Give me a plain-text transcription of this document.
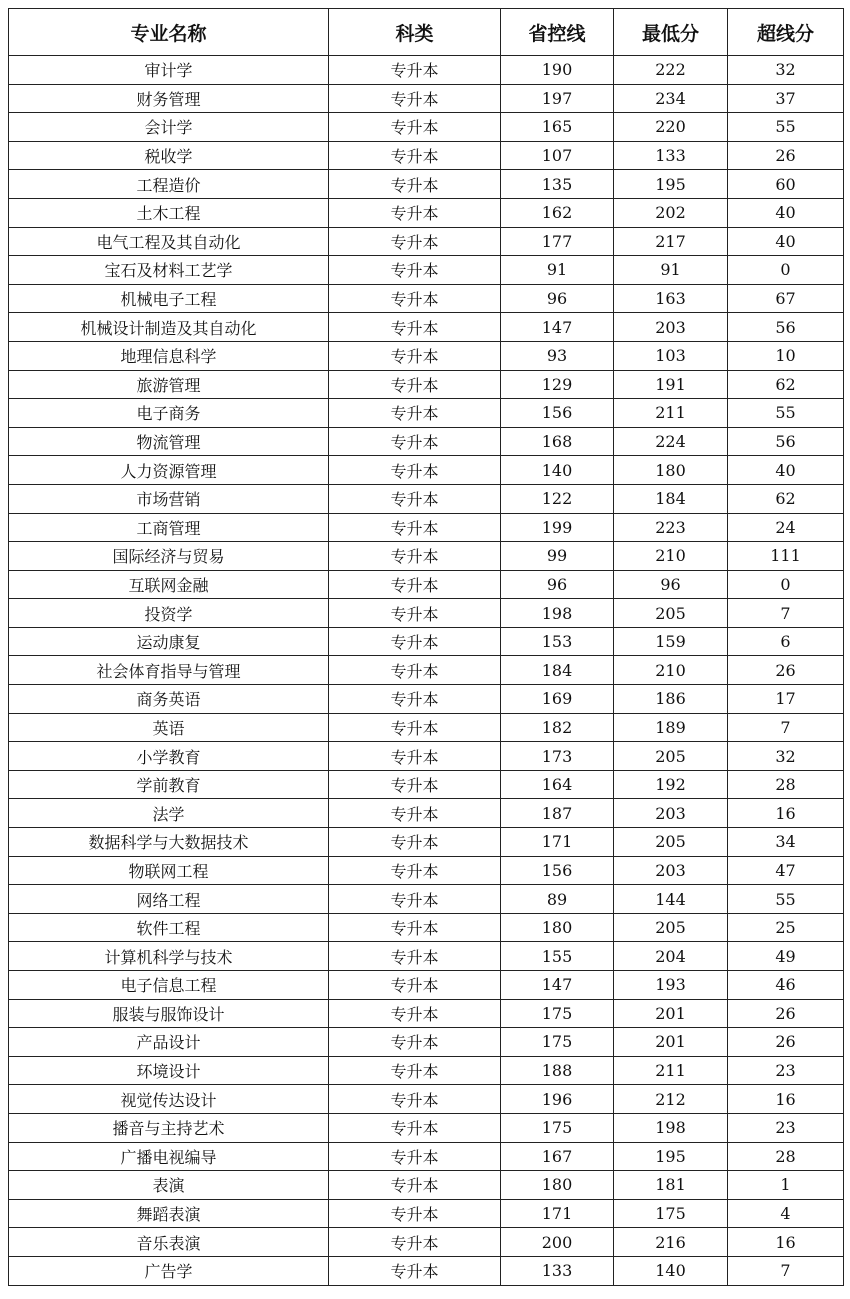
专业名称	科类	省控线	最低分	超线分
审计学	专升本	190	222	32
财务管理	专升本	197	234	37
会计学	专升本	165	220	55
税收学	专升本	107	133	26
工程造价	专升本	135	195	60
土木工程	专升本	162	202	40
电气工程及其自动化	专升本	177	217	40
宝石及材料工艺学	专升本	91	91	0
机械电子工程	专升本	96	163	67
机械设计制造及其自动化	专升本	147	203	56
地理信息科学	专升本	93	103	10
旅游管理	专升本	129	191	62
电子商务	专升本	156	211	55
物流管理	专升本	168	224	56
人力资源管理	专升本	140	180	40
市场营销	专升本	122	184	62
工商管理	专升本	199	223	24
国际经济与贸易	专升本	99	210	111
互联网金融	专升本	96	96	0
投资学	专升本	198	205	7
运动康复	专升本	153	159	6
社会体育指导与管理	专升本	184	210	26
商务英语	专升本	169	186	17
英语	专升本	182	189	7
小学教育	专升本	173	205	32
学前教育	专升本	164	192	28
法学	专升本	187	203	16
数据科学与大数据技术	专升本	171	205	34
物联网工程	专升本	156	203	47
网络工程	专升本	89	144	55
软件工程	专升本	180	205	25
计算机科学与技术	专升本	155	204	49
电子信息工程	专升本	147	193	46
服装与服饰设计	专升本	175	201	26
产品设计	专升本	175	201	26
环境设计	专升本	188	211	23
视觉传达设计	专升本	196	212	16
播音与主持艺术	专升本	175	198	23
广播电视编导	专升本	167	195	28
表演	专升本	180	181	1
舞蹈表演	专升本	171	175	4
音乐表演	专升本	200	216	16
广告学	专升本	133	140	7
